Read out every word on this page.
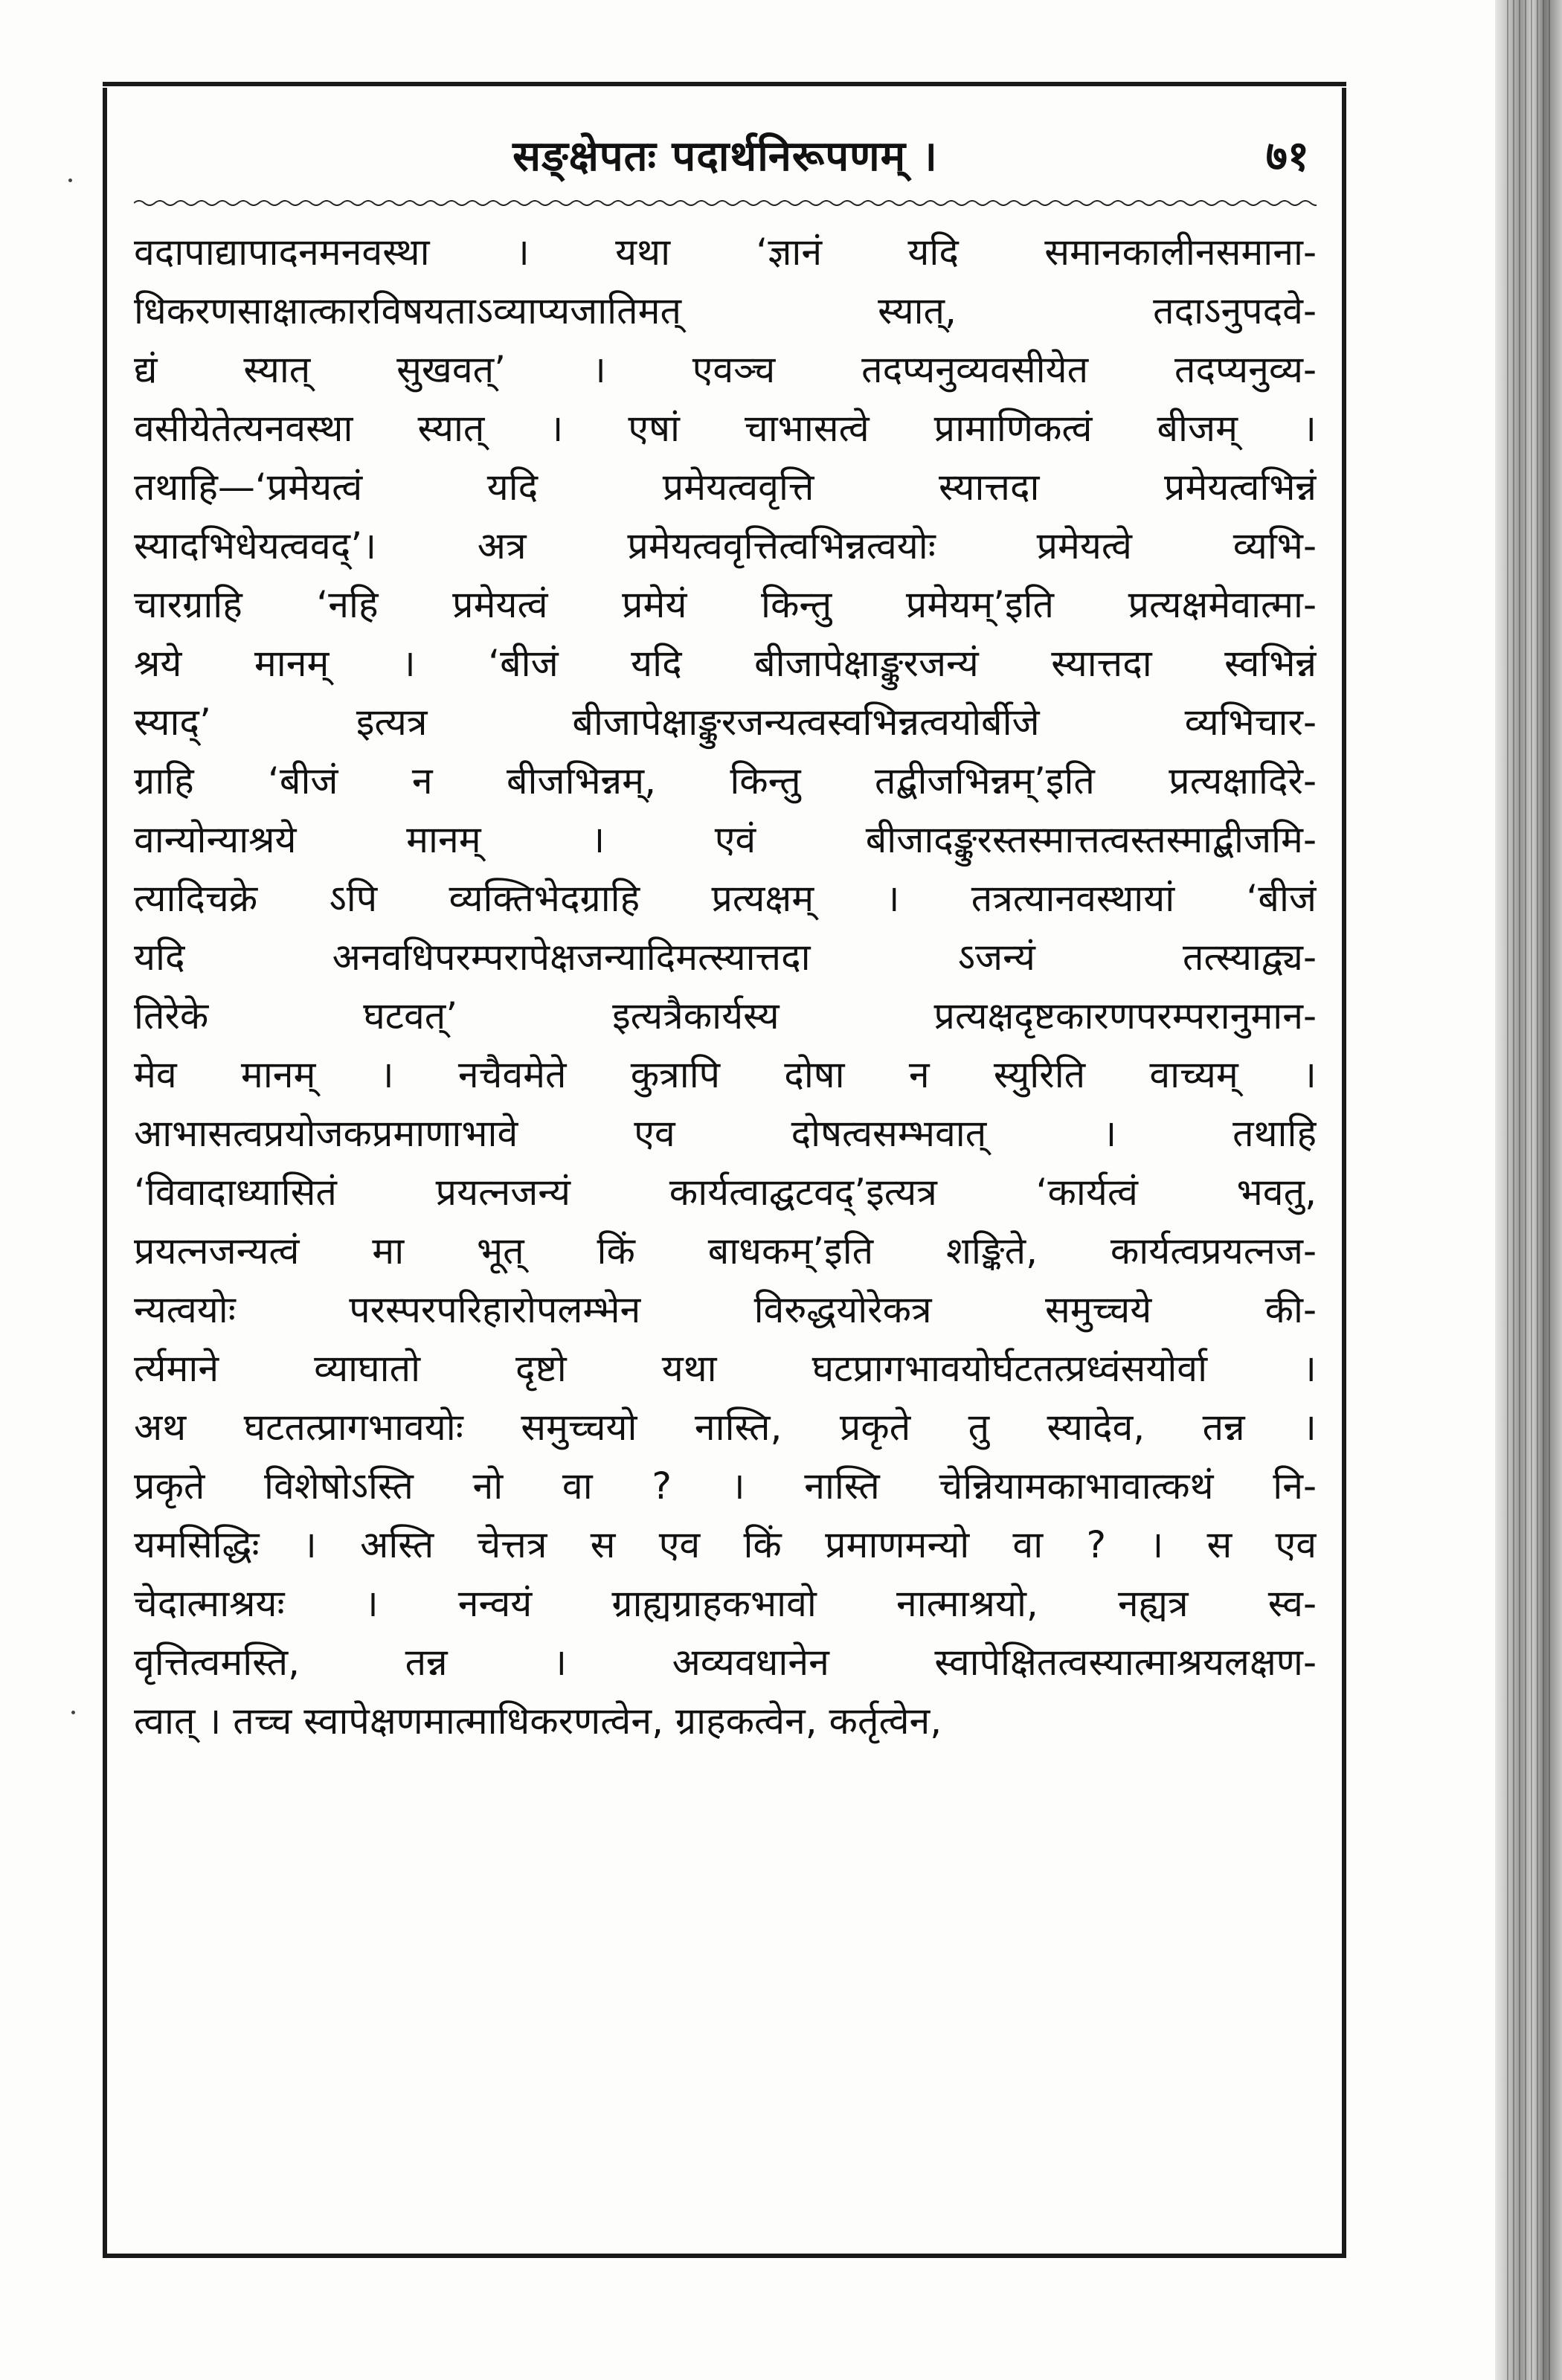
सङ्क्षेपतः पदार्थनिरूपणम् ।	७१
वदापाद्यापादनमनवस्था । यथा ‘ज्ञानं यदि समानकालीनसमाना-
धिकरणसाक्षात्कारविषयताऽव्याप्यजातिमत् स्यात्, तदाऽनुपदवे-
द्यं स्यात् सुखवत्’ । एवञ्च तदप्यनुव्यवसीयेत तदप्यनुव्य-
वसीयेतेत्यनवस्था स्यात् । एषां चाभासत्वे प्रामाणिकत्वं बीजम् ।
तथाहि—‘प्रमेयत्वं यदि प्रमेयत्ववृत्ति स्यात्तदा प्रमेयत्वभिन्नं
स्यादभिधेयत्ववद्’। अत्र प्रमेयत्ववृत्तित्वभिन्नत्वयोः प्रमेयत्वे व्यभि-
चारग्राहि ‘नहि प्रमेयत्वं प्रमेयं किन्तु प्रमेयम्’इति प्रत्यक्षमेवात्मा-
श्रये मानम् । ‘बीजं यदि बीजापेक्षाङ्कुरजन्यं स्यात्तदा स्वभिन्नं
स्याद्’ इत्यत्र बीजापेक्षाङ्कुरजन्यत्वस्वभिन्नत्वयोर्बीजे व्यभिचार-
ग्राहि ‘बीजं न बीजभिन्नम्, किन्तु तद्बीजभिन्नम्’इति प्रत्यक्षादिरे-
वान्योन्याश्रये मानम् । एवं बीजादङ्कुरस्तस्मात्तत्वस्तस्माद्बीजमि-
त्यादिचक्रे ऽपि व्यक्तिभेदग्राहि प्रत्यक्षम् । तत्रत्यानवस्थायां ‘बीजं
यदि अनवधिपरम्परापेक्षजन्यादिमत्स्यात्तदा ऽजन्यं तत्स्याद्व्य-
तिरेके घटवत्’ इत्यत्रैकार्यस्य प्रत्यक्षदृष्टकारणपरम्परानुमान-
मेव मानम् । नचैवमेते कुत्रापि दोषा न स्युरिति वाच्यम् ।
आभासत्वप्रयोजकप्रमाणाभावे एव दोषत्वसम्भवात् । तथाहि
‘विवादाध्यासितं प्रयत्नजन्यं कार्यत्वाद्घटवद्’इत्यत्र ‘कार्यत्वं भवतु,
प्रयत्नजन्यत्वं मा भूत् किं बाधकम्’इति शङ्किते, कार्यत्वप्रयत्नज-
न्यत्वयोः परस्परपरिहारोपलम्भेन विरुद्धयोरेकत्र समुच्चये की-
र्त्यमाने व्याघातो दृष्टो यथा घटप्रागभावयोर्घटतत्प्रध्वंसयोर्वा ।
अथ घटतत्प्रागभावयोः समुच्चयो नास्ति, प्रकृते तु स्यादेव, तन्न ।
प्रकृते विशेषोऽस्ति नो वा ? । नास्ति चेन्नियामकाभावात्कथं नि-
यमसिद्धिः । अस्ति चेत्तत्र स एव किं प्रमाणमन्यो वा ? । स एव
चेदात्माश्रयः । नन्वयं ग्राह्यग्राहकभावो नात्माश्रयो, नह्यत्र स्व-
वृत्तित्वमस्ति, तन्न । अव्यवधानेन स्वापेक्षितत्वस्यात्माश्रयलक्षण-
त्वात् । तच्च स्वापेक्षणमात्माधिकरणत्वेन, ग्राहकत्वेन, कर्तृत्वेन,
